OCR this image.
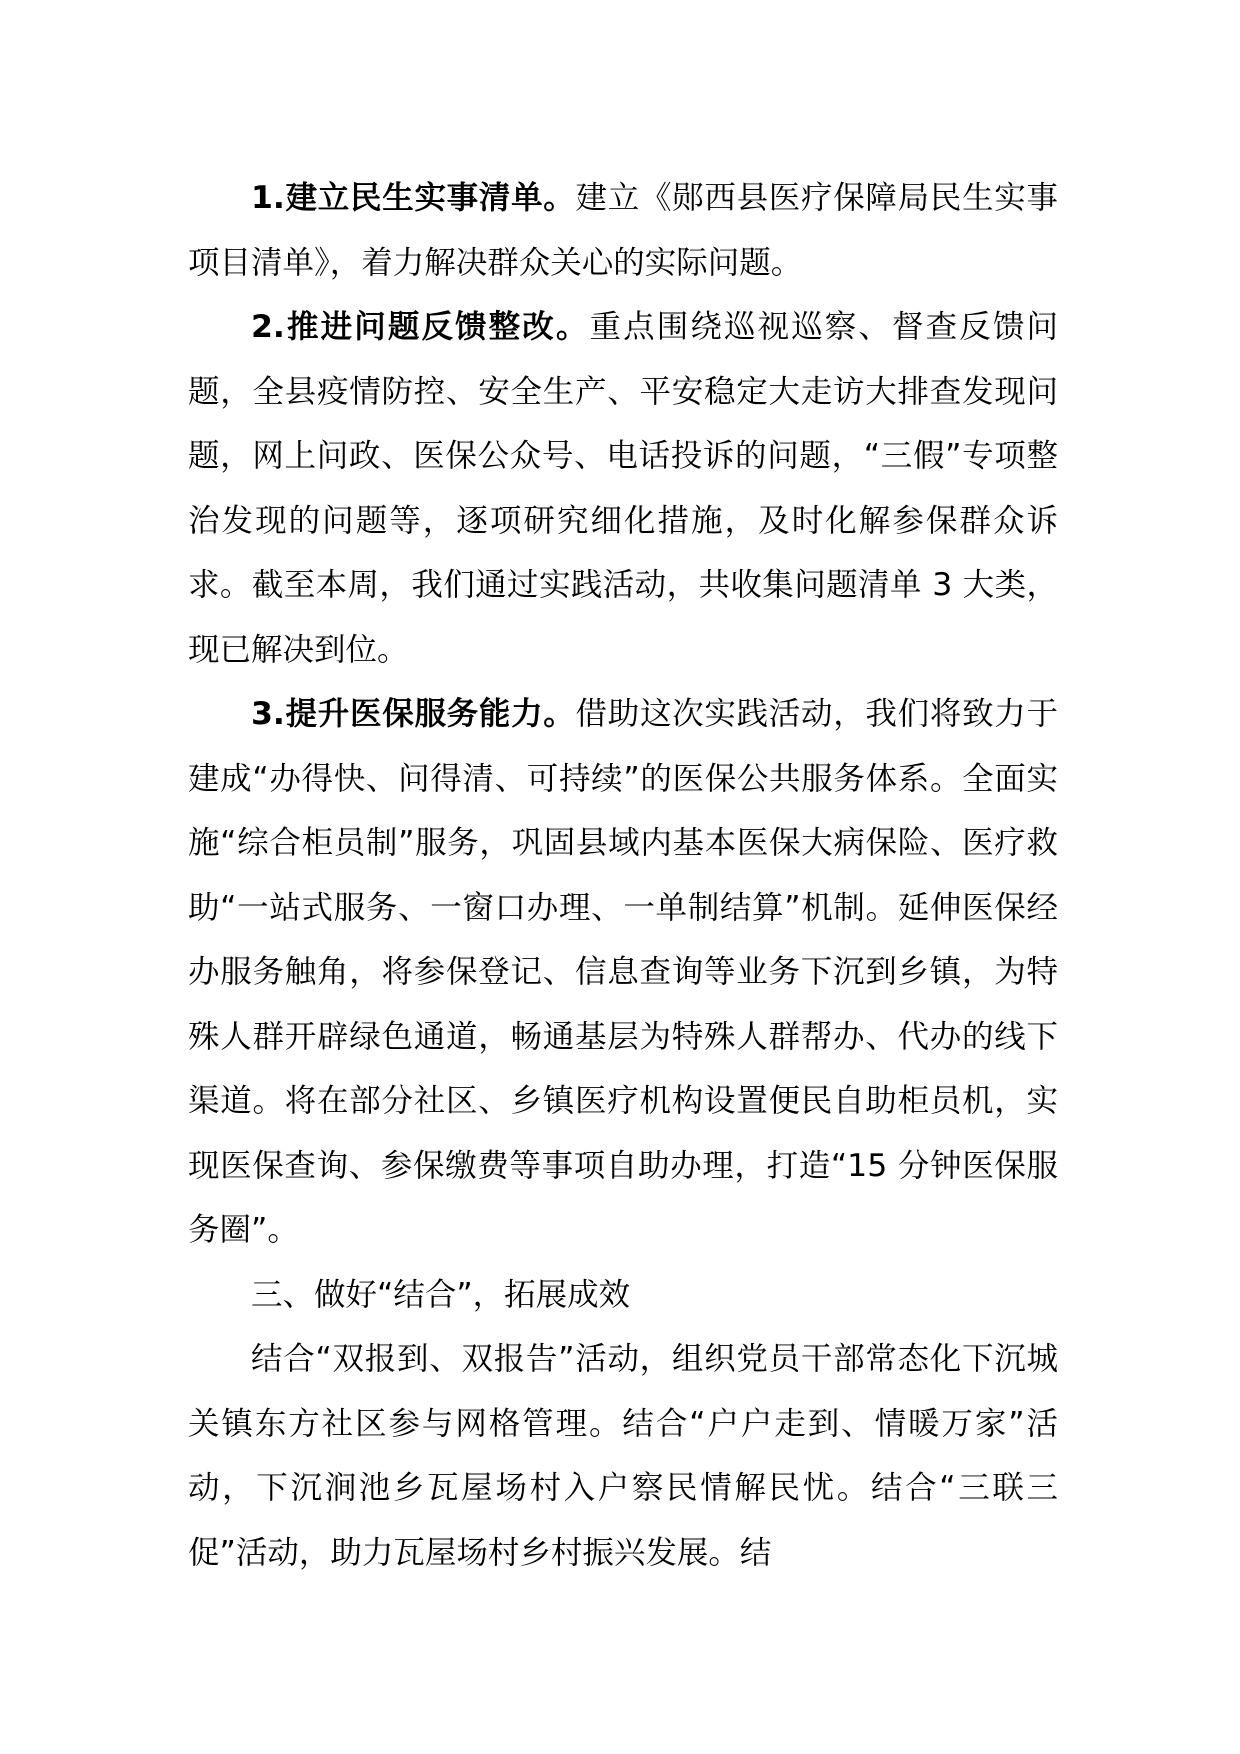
1.建立民生实事清单。建立《郧西县医疗保障局民生实事项目清单》，着力解决群众关心的实际问题。

2.推进问题反馈整改。重点围绕巡视巡察、督查反馈问题，全县疫情防控、安全生产、平安稳定大走访大排查发现问题，网上问政、医保公众号、电话投诉的问题，“三假”专项整治发现的问题等，逐项研究细化措施，及时化解参保群众诉求。截至本周，我们通过实践活动，共收集问题清单 3 大类，现已解决到位。

3.提升医保服务能力。借助这次实践活动，我们将致力于建成“办得快、问得清、可持续”的医保公共服务体系。全面实施“综合柜员制”服务，巩固县域内基本医保大病保险、医疗救助“一站式服务、一窗口办理、一单制结算”机制。延伸医保经办服务触角，将参保登记、信息查询等业务下沉到乡镇，为特殊人群开辟绿色通道，畅通基层为特殊人群帮办、代办的线下渠道。将在部分社区、乡镇医疗机构设置便民自助柜员机，实现医保查询、参保缴费等事项自助办理，打造“15 分钟医保服务圈”。

三、做好“结合”，拓展成效

结合“双报到、双报告”活动，组织党员干部常态化下沉城关镇东方社区参与网格管理。结合“户户走到、情暖万家”活动，下沉涧池乡瓦屋场村入户察民情解民忧。结合“三联三促”活动，助力瓦屋场村乡村振兴发展。结
